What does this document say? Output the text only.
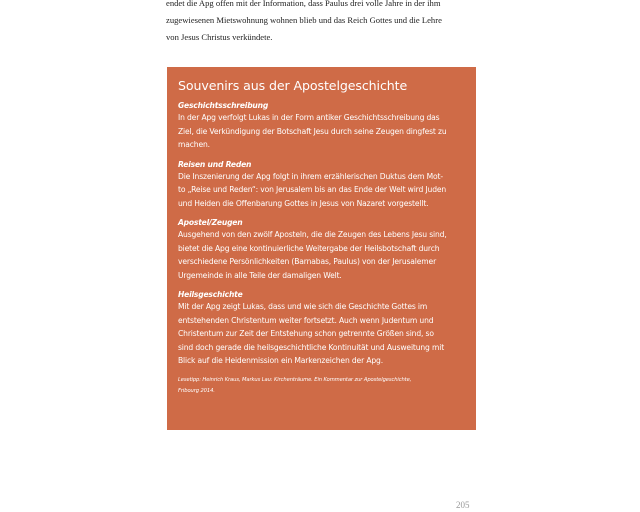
endet die Apg offen mit der Information, dass Paulus drei volle Jahre in der ihm
zugewiesenen Mietswohnung wohnen blieb und das Reich Gottes und die Lehre
von Jesus Christus verkündete.
Souvenirs aus der Apostelgeschichte
Geschichtsschreibung
In der Apg verfolgt Lukas in der Form antiker Geschichtsschreibung das
Ziel, die Verkündigung der Botschaft Jesu durch seine Zeugen dingfest zu
machen.
Reisen und Reden
Die Inszenierung der Apg folgt in ihrem erzählerischen Duktus dem Mot-
to „Reise und Reden“: von Jerusalem bis an das Ende der Welt wird Juden
und Heiden die Offenbarung Gottes in Jesus von Nazaret vorgestellt.
Apostel/Zeugen
Ausgehend von den zwölf Aposteln, die die Zeugen des Lebens Jesu sind,
bietet die Apg eine kontinuierliche Weitergabe der Heilsbotschaft durch
verschiedene Persönlichkeiten (Barnabas, Paulus) von der Jerusalemer
Urgemeinde in alle Teile der damaligen Welt.
Heilsgeschichte
Mit der Apg zeigt Lukas, dass und wie sich die Geschichte Gottes im
entstehenden Christentum weiter fortsetzt. Auch wenn Judentum und
Christentum zur Zeit der Entstehung schon getrennte Größen sind, so
sind doch gerade die heilsgeschichtliche Kontinuität und Ausweitung mit
Blick auf die Heidenmission ein Markenzeichen der Apg.
Lesetipp: Heinrich Kraus, Markus Lau: Kirchenträume. Ein Kommentar zur Apostelgeschichte,
Fribourg 2014.
205
